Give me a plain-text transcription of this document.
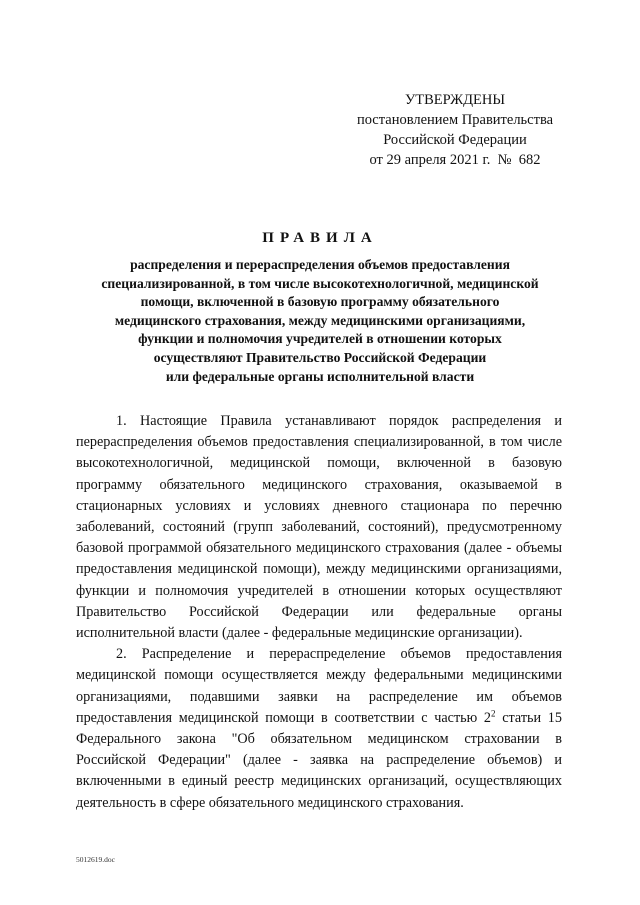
УТВЕРЖДЕНЫ
постановлением Правительства
Российской Федерации
от 29 апреля 2021 г.  №  682
ПРАВИЛА
распределения и перераспределения объемов предоставления
специализированной, в том числе высокотехнологичной, медицинской
помощи, включенной в базовую программу обязательного
медицинского страхования, между медицинскими организациями,
функции и полномочия учредителей в отношении которых
осуществляют Правительство Российской Федерации
или федеральные органы исполнительной власти

1. Настоящие Правила устанавливают порядок распределения и перераспределения объемов предоставления специализированной, в том числе высокотехнологичной, медицинской помощи, включенной в базовую программу обязательного медицинского страхования, оказываемой в стационарных условиях и условиях дневного стационара по перечню заболеваний, состояний (групп заболеваний, состояний), предусмотренному базовой программой обязательного медицинского страхования (далее - объемы предоставления медицинской помощи), между медицинскими организациями, функции и полномочия учредителей в отношении которых осуществляют Правительство Российской Федерации или федеральные органы исполнительной власти (далее - федеральные медицинские организации).

2. Распределение и перераспределение объемов предоставления медицинской помощи осуществляется между федеральными медицинскими организациями, подавшими заявки на распределение им объемов предоставления медицинской помощи в соответствии с частью $2^2$ статьи 15 Федерального закона "Об обязательном медицинском страховании в Российской Федерации" (далее - заявка на распределение объемов) и включенными в единый реестр медицинских организаций, осуществляющих деятельность в сфере обязательного медицинского страхования.

5012619.doc
